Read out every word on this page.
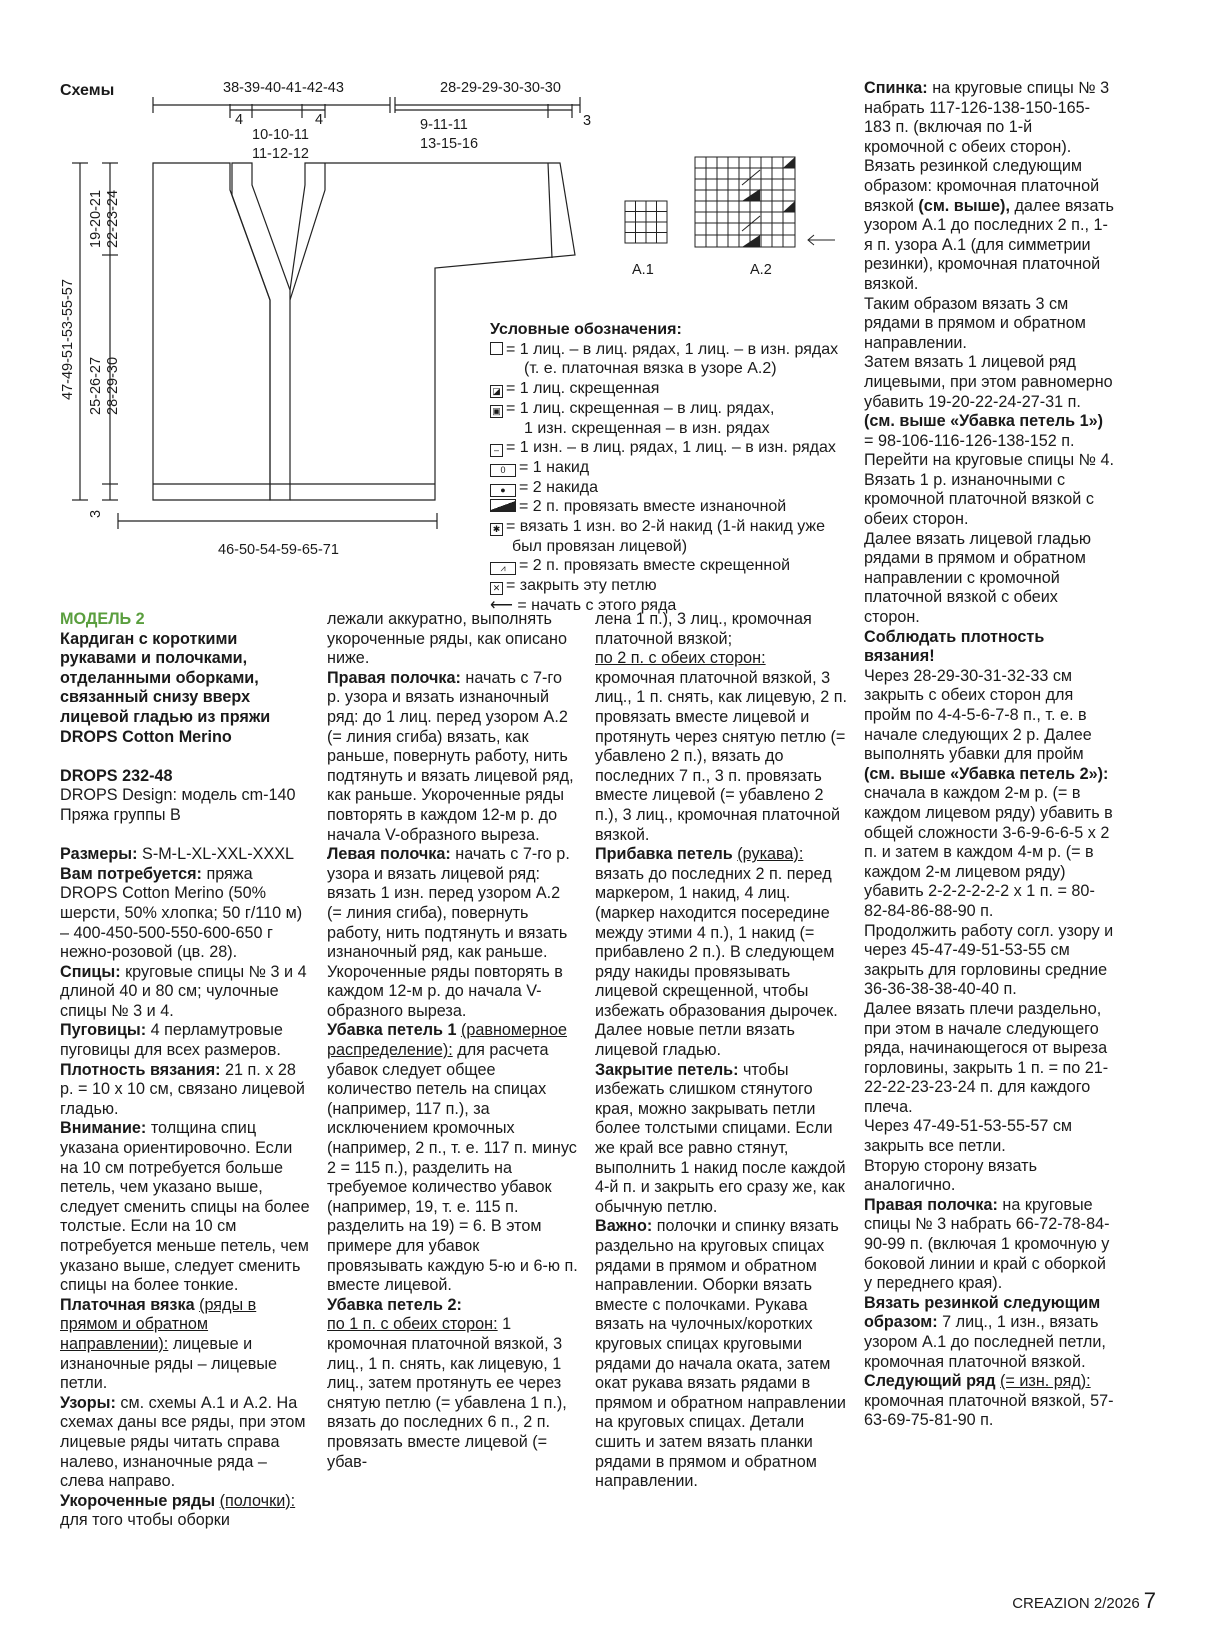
Схемы	38-39-40-41-42-43	28-29-29-30-30-30
4	4
10-10-11
11-12-12
9-11-11
13-15-16
3
47-49-51-53-55-57
19-20-21 22-23-24
25-26-27 28-29-30
3
46-50-54-59-65-71
A.1	A.2
Условные обозначения:
= 1 лиц. – в лиц. рядах, 1 лиц. – в изн. рядах
(т. е. платочная вязка в узоре A.2)
◪ = 1 лиц. скрещенная
▣ = 1 лиц. скрещенная – в лиц. рядах,
1 изн. скрещенная – в изн. рядах
– = 1 изн. – в лиц. рядах, 1 лиц. – в изн. рядах
0 = 1 накид
● = 2 накида
= 2 п. провязать вместе изнаночной
✱ = вязать 1 изн. во 2-й накид (1-й накид уже
был провязан лицевой)
⩘ = 2 п. провязать вместе скрещенной
✕ = закрыть эту петлю
⟵ = начать с этого ряда

МОДЕЛЬ 2

Кардиган с короткими рукавами и полочками, отделанными оборками, связанный снизу вверх лицевой гладью из пряжи DROPS Cotton Merino

DROPS 232-48

DROPS Design: модель cm-140

Пряжа группы B

Размеры: S-M-L-XL-XXL-XXXL

Вам потребуется: пряжа DROPS Cotton Merino (50% шерсти, 50% хлопка; 50 г/110 м) – 400-450-500-550-600-650 г нежно-розовой (цв. 28).

Спицы: круговые спицы № 3 и 4 длиной 40 и 80 см; чулочные спицы № 3 и 4.

Пуговицы: 4 перламутровые пуговицы для всех размеров.

Плотность вязания: 21 п. х 28 р. = 10 х 10 см, связано лицевой гладью.

Внимание: толщина спиц указана ориентировочно. Если на 10 см потребуется больше петель, чем указано выше, следует сменить спицы на более толстые. Если на 10 см потребуется меньше петель, чем указано выше, следует сменить спицы на более тонкие.

Платочная вязка (ряды в прямом и обратном направлении): лицевые и изнаночные ряды – лицевые петли.

Узоры: см. схемы A.1 и A.2. На схемах даны все ряды, при этом лицевые ряды читать справа налево, изнаночные ряда – слева направо.

Укороченные ряды (полочки): для того чтобы оборки

лежали аккуратно, выполнять укороченные ряды, как описано ниже.

Правая полочка: начать с 7-го р. узора и вязать изнаночный ряд: до 1 лиц. перед узором A.2 (= линия сгиба) вязать, как раньше, повернуть работу, нить подтянуть и вязать лицевой ряд, как раньше. Укороченные ряды повторять в каждом 12-м р. до начала V-образного выреза.

Левая полочка: начать с 7-го р. узора и вязать лицевой ряд: вязать 1 изн. перед узором A.2 (= линия сгиба), повернуть работу, нить подтянуть и вязать изнаночный ряд, как раньше. Укороченные ряды повторять в каждом 12-м р. до начала V-образного выреза.

Убавка петель 1 (равномерное распределение): для расчета убавок следует общее количество петель на спицах (например, 117 п.), за исключением кромочных (например, 2 п., т. е. 117 п. минус 2 = 115 п.), разделить на требуемое количество убавок (например, 19, т. е. 115 п. разделить на 19) = 6. В этом примере для убавок провязывать каждую 5-ю и 6-ю п. вместе лицевой.

Убавка петель 2:

по 1 п. с обеих сторон: 1 кромочная платочной вязкой, 3 лиц., 1 п. снять, как лицевую, 1 лиц., затем протянуть ее через снятую петлю (= убавлена 1 п.), вязать до последних 6 п., 2 п. провязать вместе лицевой (= убав-

лена 1 п.), 3 лиц., кромочная платочной вязкой;

по 2 п. с обеих сторон: кромочная платочной вязкой, 3 лиц., 1 п. снять, как лицевую, 2 п. провязать вместе лицевой и протянуть через снятую петлю (= убавлено 2 п.), вязать до последних 7 п., 3 п. провязать вместе лицевой (= убавлено 2 п.), 3 лиц., кромочная платочной вязкой.

Прибавка петель (рукава): вязать до последних 2 п. перед маркером, 1 накид, 4 лиц. (маркер находится посередине между этими 4 п.), 1 накид (= прибавлено 2 п.). В следующем ряду накиды провязывать лицевой скрещенной, чтобы избежать образования дырочек. Далее новые петли вязать лицевой гладью.

Закрытие петель: чтобы избежать слишком стянутого края, можно закрывать петли более толстыми спицами. Если же край все равно стянут, выполнить 1 накид после каждой 4-й п. и закрыть его сразу же, как обычную петлю.

Важно: полочки и спинку вязать раздельно на круговых спицах рядами в прямом и обратном направлении. Оборки вязать вместе с полочками. Рукава вязать на чулочных/коротких круговых спицах круговыми рядами до начала оката, затем окат рукава вязать рядами в прямом и обратном направлении на круговых спицах. Детали сшить и затем вязать планки рядами в прямом и обратном направлении.

Спинка: на круговые спицы № 3 набрать 117-126-138-150-165-183 п. (включая по 1-й кромочной с обеих сторон). Вязать резинкой следующим образом: кромочная платочной вязкой (см. выше), далее вязать узором A.1 до последних 2 п., 1-я п. узора A.1 (для симметрии резинки), кромочная платочной вязкой.

Таким образом вязать 3 см рядами в прямом и обратном направлении.

Затем вязать 1 лицевой ряд лицевыми, при этом равномерно убавить 19-20-22-24-27-31 п. (см. выше «Убавка петель 1») = 98-106-116-126-138-152 п.

Перейти на круговые спицы № 4.

Вязать 1 р. изнаночными с кромочной платочной вязкой с обеих сторон.

Далее вязать лицевой гладью рядами в прямом и обратном направлении с кромочной платочной вязкой с обеих сторон.

Соблюдать плотность вязания!

Через 28-29-30-31-32-33 см закрыть с обеих сторон для пройм по 4-4-5-6-7-8 п., т. е. в начале следующих 2 р. Далее выполнять убавки для пройм (см. выше «Убавка петель 2»): сначала в каждом 2-м р. (= в каждом лицевом ряду) убавить в общей сложности 3-6-9-6-6-5 х 2 п. и затем в каждом 4-м р. (= в каждом 2-м лицевом ряду) убавить 2-2-2-2-2-2 х 1 п. = 80-82-84-86-88-90 п.

Продолжить работу согл. узору и через 45-47-49-51-53-55 см закрыть для горловины средние 36-36-38-38-40-40 п.

Далее вязать плечи раздельно, при этом в начале следующего ряда, начинающегося от выреза горловины, закрыть 1 п. = по 21-22-22-23-23-24 п. для каждого плеча.

Через 47-49-51-53-55-57 см закрыть все петли.

Вторую сторону вязать аналогично.

Правая полочка: на круговые спицы № 3 набрать 66-72-78-84-90-99 п. (включая 1 кромочную у боковой линии и край с оборкой у переднего края).

Вязать резинкой следующим образом: 7 лиц., 1 изн., вязать узором A.1 до последней петли, кромочная платочной вязкой.

Следующий ряд (= изн. ряд): кромочная платочной вязкой, 57-63-69-75-81-90 п.

CREAZION 2/2026 7
